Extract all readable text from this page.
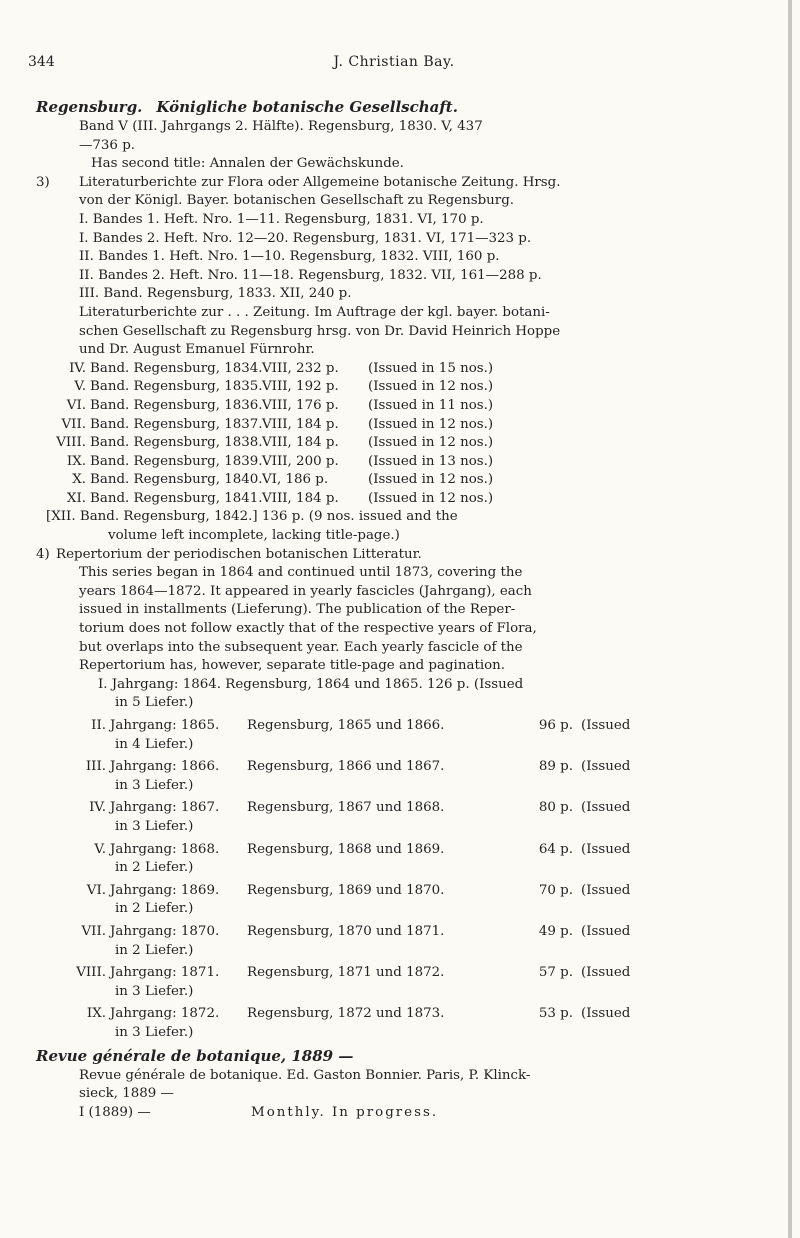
344	J. Christian Bay.
Regensburg. Königliche botanische Gesellschaft.
Band V (III. Jahrgangs 2. Hälfte). Regensburg, 1830. V, 437
—736 p.
Has second title: Annalen der Gewächskunde.
3) Literaturberichte zur Flora oder Allgemeine botanische Zeitung. Hrsg.
von der Königl. Bayer. botanischen Gesellschaft zu Regensburg.
I. Bandes 1. Heft. Nro. 1—11. Regensburg, 1831. VI, 170 p.
I. Bandes 2. Heft. Nro. 12—20. Regensburg, 1831. VI, 171—323 p.
II. Bandes 1. Heft. Nro. 1—10. Regensburg, 1832. VIII, 160 p.
II. Bandes 2. Heft. Nro. 11—18. Regensburg, 1832. VII, 161—288 p.
III. Band. Regensburg, 1833. XII, 240 p.
Literaturberichte zur . . . Zeitung. Im Auftrage der kgl. bayer. botani-
schen Gesellschaft zu Regensburg hrsg. von Dr. David Heinrich Hoppe
und Dr. August Emanuel Fürnrohr.
IV. Band. Regensburg, 1834. VIII, 232 p.	(Issued in 15 nos.)
V. Band. Regensburg, 1835. VIII, 192 p.	(Issued in 12 nos.)
VI. Band. Regensburg, 1836. VIII, 176 p.	(Issued in 11 nos.)
VII. Band. Regensburg, 1837. VIII, 184 p.	(Issued in 12 nos.)
VIII. Band. Regensburg, 1838. VIII, 184 p.	(Issued in 12 nos.)
IX. Band. Regensburg, 1839. VIII, 200 p.	(Issued in 13 nos.)
X. Band. Regensburg, 1840. VI, 186 p.	(Issued in 12 nos.)
XI. Band. Regensburg, 1841. VIII, 184 p.	(Issued in 12 nos.)
[XII. Band. Regensburg, 1842.] 136 p. (9 nos. issued and the
volume left incomplete, lacking title-page.)
4) Repertorium der periodischen botanischen Litteratur.
This series began in 1864 and continued until 1873, covering the
years 1864—1872. It appeared in yearly fascicles (Jahrgang), each
issued in installments (Lieferung). The publication of the Reper-
torium does not follow exactly that of the respective years of Flora,
but overlaps into the subsequent year. Each yearly fascicle of the
Repertorium has, however, separate title-page and pagination.
I. Jahrgang: 1864. Regensburg, 1864 und 1865. 126 p. (Issued
in 5 Liefer.)
II. Jahrgang: 1865.	Regensburg, 1865 und 1866.	96 p. (Issued
in 4 Liefer.)
III. Jahrgang: 1866.	Regensburg, 1866 und 1867.	89 p. (Issued
in 3 Liefer.)
IV. Jahrgang: 1867.	Regensburg, 1867 und 1868.	80 p. (Issued
in 3 Liefer.)
V. Jahrgang: 1868.	Regensburg, 1868 und 1869.	64 p. (Issued
in 2 Liefer.)
VI. Jahrgang: 1869.	Regensburg, 1869 und 1870.	70 p. (Issued
in 2 Liefer.)
VII. Jahrgang: 1870.	Regensburg, 1870 und 1871.	49 p. (Issued
in 2 Liefer.)
VIII. Jahrgang: 1871.	Regensburg, 1871 und 1872.	57 p. (Issued
in 3 Liefer.)
IX. Jahrgang: 1872.	Regensburg, 1872 und 1873.	53 p. (Issued
in 3 Liefer.)
Revue générale de botanique, 1889 —
Revue générale de botanique. Ed. Gaston Bonnier. Paris, P. Klinck-
sieck, 1889 —
I (1889) —	Monthly. In progress.
